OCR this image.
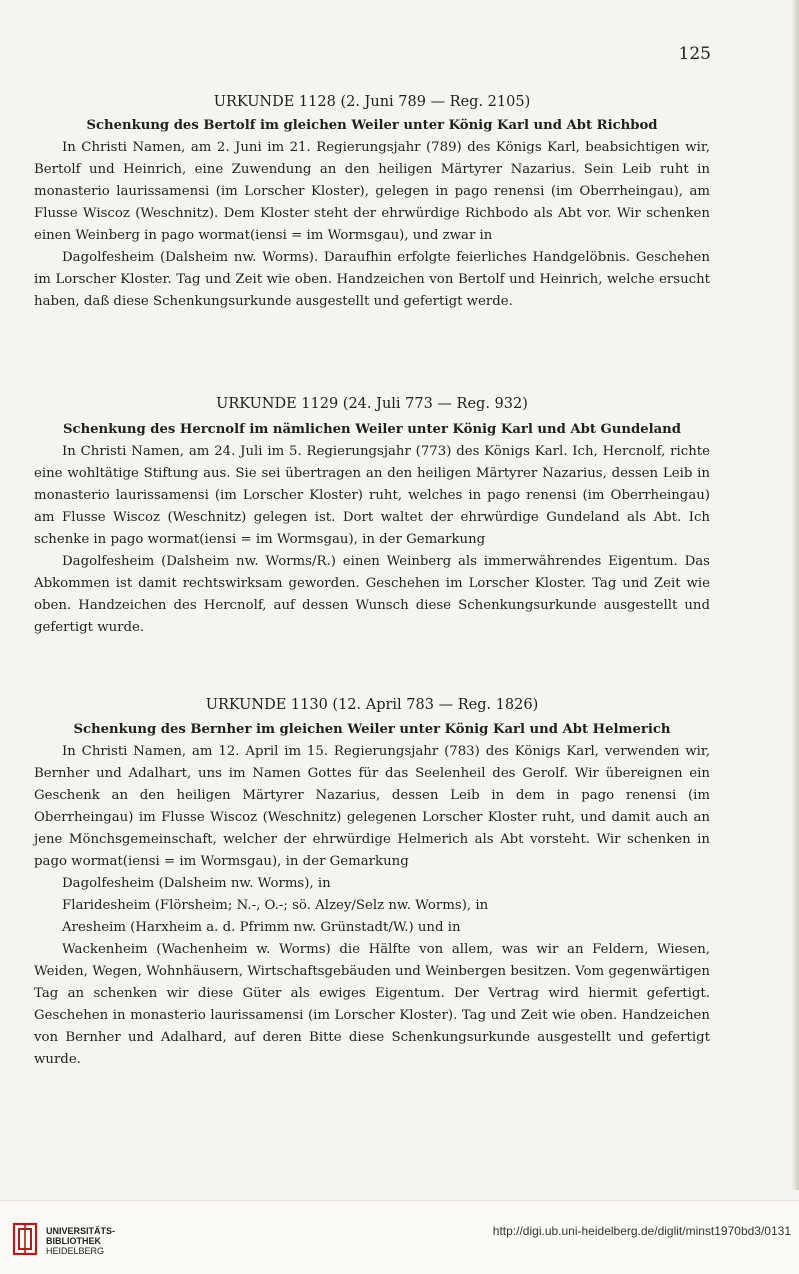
125

URKUNDE 1128 (2. Juni 789 — Reg. 2105)

Schenkung des Bertolf im gleichen Weiler unter König Karl und Abt Richbod

In Christi Namen, am 2. Juni im 21. Regierungsjahr (789) des Königs Karl, beabsichtigen wir, Bertolf und Heinrich, eine Zuwendung an den heiligen Märtyrer Nazarius. Sein Leib ruht in monasterio laurissamensi (im Lorscher Kloster), gelegen in pago renensi (im Oberrheingau), am Flusse Wiscoz (Weschnitz). Dem Kloster steht der ehrwürdige Richbodo als Abt vor. Wir schenken einen Weinberg in pago wormat(iensi = im Wormsgau), und zwar in

Dagolfesheim (Dalsheim nw. Worms). Daraufhin erfolgte feierliches Handgelöbnis. Geschehen im Lorscher Kloster. Tag und Zeit wie oben. Handzeichen von Bertolf und Heinrich, welche ersucht haben, daß diese Schenkungsurkunde ausgestellt und gefertigt werde.

URKUNDE 1129 (24. Juli 773 — Reg. 932)

Schenkung des Hercnolf im nämlichen Weiler unter König Karl und Abt Gundeland

In Christi Namen, am 24. Juli im 5. Regierungsjahr (773) des Königs Karl. Ich, Hercnolf, richte eine wohltätige Stiftung aus. Sie sei übertragen an den heiligen Märtyrer Nazarius, dessen Leib in monasterio laurissamensi (im Lorscher Kloster) ruht, welches in pago renensi (im Oberrheingau) am Flusse Wiscoz (Weschnitz) gelegen ist. Dort waltet der ehrwürdige Gundeland als Abt. Ich schenke in pago wormat(iensi = im Wormsgau), in der Gemarkung

Dagolfesheim (Dalsheim nw. Worms/R.) einen Weinberg als immerwährendes Eigentum. Das Abkommen ist damit rechtswirksam geworden. Geschehen im Lorscher Kloster. Tag und Zeit wie oben. Handzeichen des Hercnolf, auf dessen Wunsch diese Schenkungsurkunde ausgestellt und gefertigt wurde.

URKUNDE 1130 (12. April 783 — Reg. 1826)

Schenkung des Bernher im gleichen Weiler unter König Karl und Abt Helmerich

In Christi Namen, am 12. April im 15. Regierungsjahr (783) des Königs Karl, verwenden wir, Bernher und Adalhart, uns im Namen Gottes für das Seelenheil des Gerolf. Wir übereignen ein Geschenk an den heiligen Märtyrer Nazarius, dessen Leib in dem in pago renensi (im Oberrheingau) im Flusse Wiscoz (Weschnitz) gelegenen Lorscher Kloster ruht, und damit auch an jene Mönchsgemeinschaft, welcher der ehrwürdige Helmerich als Abt vorsteht. Wir schenken in pago wormat(iensi = im Wormsgau), in der Gemarkung

Dagolfesheim (Dalsheim nw. Worms), in

Flaridesheim (Flörsheim; N.-, O.-; sö. Alzey/Selz nw. Worms), in

Aresheim (Harxheim a. d. Pfrimm nw. Grünstadt/W.) und in

Wackenheim (Wachenheim w. Worms) die Hälfte von allem, was wir an Feldern, Wiesen, Weiden, Wegen, Wohnhäusern, Wirtschaftsgebäuden und Weinbergen besitzen. Vom gegenwärtigen Tag an schenken wir diese Güter als ewiges Eigentum. Der Vertrag wird hiermit gefertigt. Geschehen in monasterio laurissamensi (im Lorscher Kloster). Tag und Zeit wie oben. Handzeichen von Bernher und Adalhard, auf deren Bitte diese Schenkungsurkunde ausgestellt und gefertigt wurde.

UNIVERSITÄTS-
BIBLIOTHEK
HEIDELBERG
http://digi.ub.uni-heidelberg.de/diglit/minst1970bd3/0131
